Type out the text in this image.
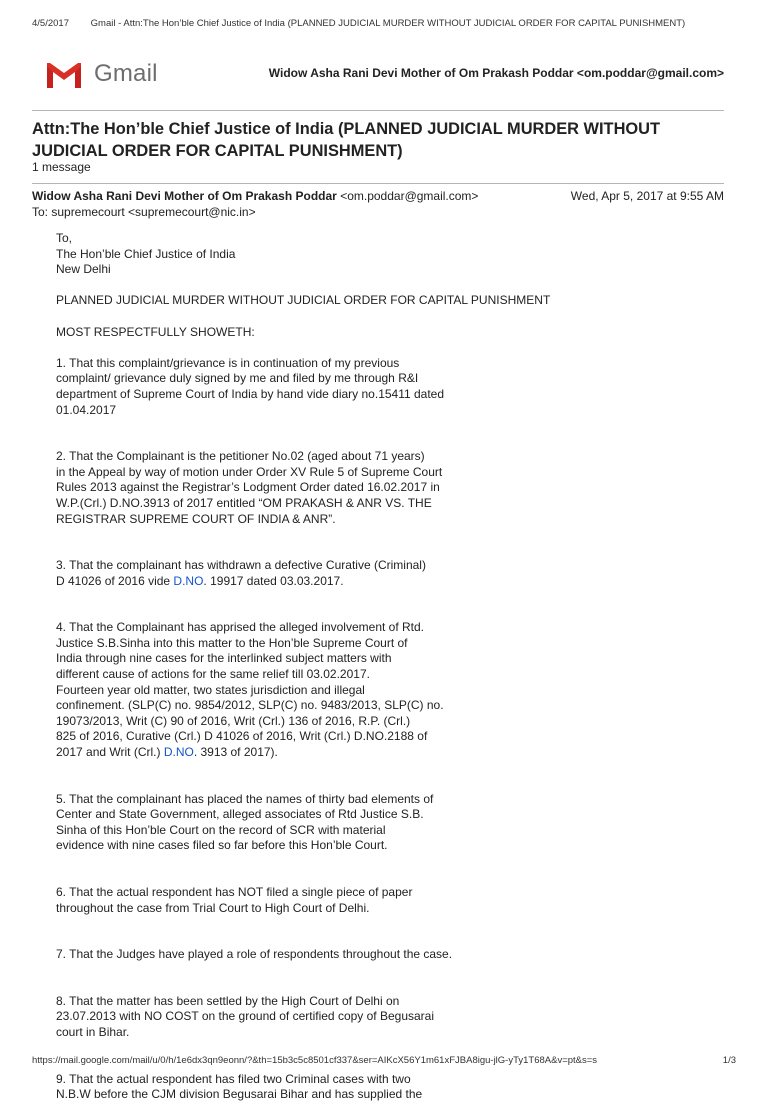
4/5/2017 Gmail - Attn:The Hon’ble Chief Justice of India (PLANNED JUDICIAL MURDER WITHOUT JUDICIAL ORDER FOR CAPITAL PUNISHMENT)
Gmail	Widow Asha Rani Devi Mother of Om Prakash Poddar <om.poddar@gmail.com>
Attn:The Hon’ble Chief Justice of India (PLANNED JUDICIAL MURDER WITHOUT
JUDICIAL ORDER FOR CAPITAL PUNISHMENT)
1 message
Widow Asha Rani Devi Mother of Om Prakash Poddar <om.poddar@gmail.com>	Wed, Apr 5, 2017 at 9:55 AM
To: supremecourt <supremecourt@nic.in>

To,

The Hon’ble Chief Justice of India

New Delhi

PLANNED JUDICIAL MURDER WITHOUT JUDICIAL ORDER FOR CAPITAL PUNISHMENT

MOST RESPECTFULLY SHOWETH:

1. That this complaint/grievance is in continuation of my previous

complaint/ grievance duly signed by me and filed by me through R&I

department of Supreme Court of India by hand vide diary no.15411 dated

01.04.2017

2. That the Complainant is the petitioner No.02 (aged about 71 years)

in the Appeal by way of motion under Order XV Rule 5 of Supreme Court

Rules 2013 against the Registrar’s Lodgment Order dated 16.02.2017 in

W.P.(Crl.) D.NO.3913 of 2017 entitled “OM PRAKASH & ANR VS. THE

REGISTRAR SUPREME COURT OF INDIA & ANR”.

3. That the complainant has withdrawn a defective Curative (Criminal)

D 41026 of 2016 vide D.NO. 19917 dated 03.03.2017.

4. That the Complainant has apprised the alleged involvement of Rtd.

Justice S.B.Sinha into this matter to the Hon’ble Supreme Court of

India through nine cases for the interlinked subject matters with

different cause of actions for the same relief till 03.02.2017.

Fourteen year old matter, two states jurisdiction and illegal

confinement. (SLP(C) no. 9854/2012, SLP(C) no. 9483/2013, SLP(C) no.

19073/2013, Writ (C) 90 of 2016, Writ (Crl.) 136 of 2016, R.P. (Crl.)

825 of 2016, Curative (Crl.) D 41026 of 2016, Writ (Crl.) D.NO.2188 of

2017 and Writ (Crl.) D.NO. 3913 of 2017).

5. That the complainant has placed the names of thirty bad elements of

Center and State Government, alleged associates of Rtd Justice S.B.

Sinha of this Hon’ble Court on the record of SCR with material

evidence with nine cases filed so far before this Hon’ble Court.

6. That the actual respondent has NOT filed a single piece of paper

throughout the case from Trial Court to High Court of Delhi.

7. That the Judges have played a role of respondents throughout the case.

8. That the matter has been settled by the High Court of Delhi on

23.07.2013 with NO COST on the ground of certified copy of Begusarai

court in Bihar.

9. That the actual respondent has filed two Criminal cases with two

N.B.W before the CJM division Begusarai Bihar and has supplied the

https://mail.google.com/mail/u/0/h/1e6dx3qn9eonn/?&th=15b3c5c8501cf337&ser=AIKcX56Y1m61xFJBA8igu-jlG-yTy1T68A&v=pt&s=s	1/3
